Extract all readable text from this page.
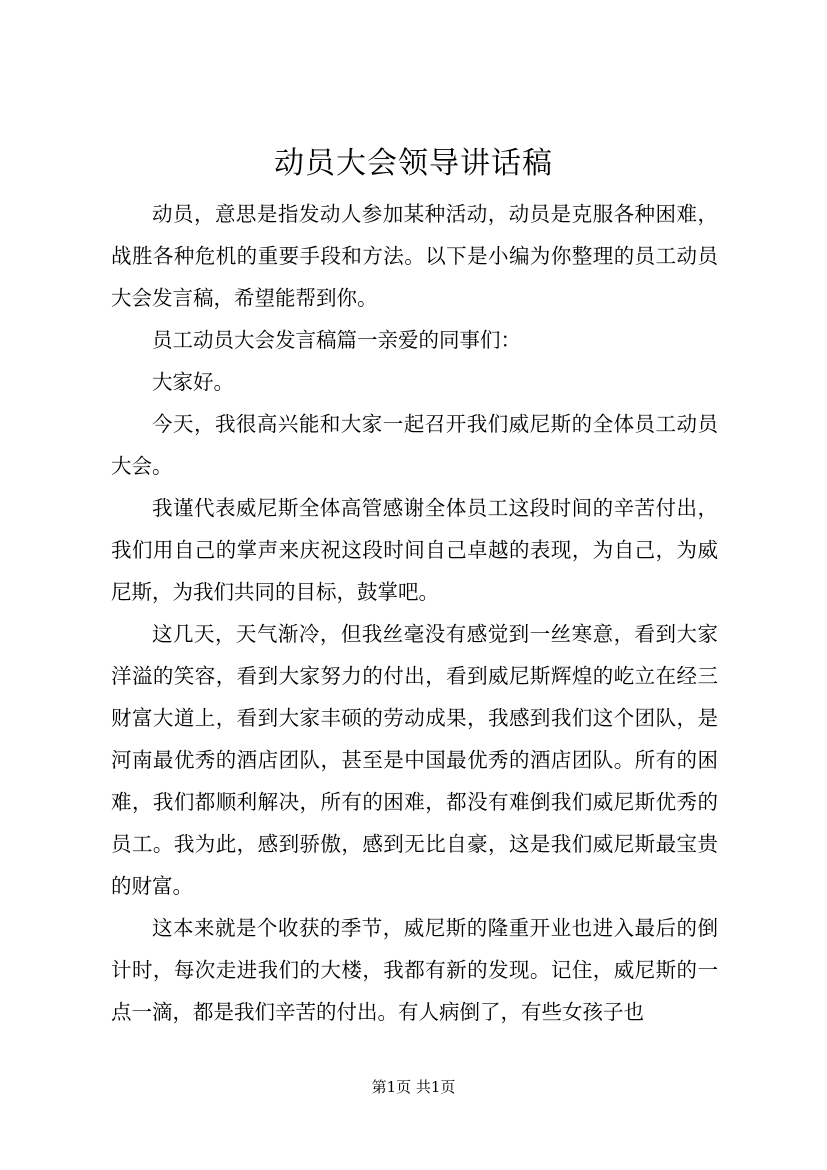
动员大会领导讲话稿

动员，意思是指发动人参加某种活动，动员是克服各种困难，战胜各种危机的重要手段和方法。以下是小编为你整理的员工动员大会发言稿，希望能帮到你。

员工动员大会发言稿篇一亲爱的同事们：

大家好。

今天，我很高兴能和大家一起召开我们威尼斯的全体员工动员大会。

我谨代表威尼斯全体高管感谢全体员工这段时间的辛苦付出，我们用自己的掌声来庆祝这段时间自己卓越的表现，为自己，为威尼斯，为我们共同的目标，鼓掌吧。

这几天，天气渐冷，但我丝毫没有感觉到一丝寒意，看到大家洋溢的笑容，看到大家努力的付出，看到威尼斯辉煌的屹立在经三财富大道上，看到大家丰硕的劳动成果，我感到我们这个团队，是河南最优秀的酒店团队，甚至是中国最优秀的酒店团队。所有的困难，我们都顺利解决，所有的困难，都没有难倒我们威尼斯优秀的员工。我为此，感到骄傲，感到无比自豪，这是我们威尼斯最宝贵的财富。

这本来就是个收获的季节，威尼斯的隆重开业也进入最后的倒计时，每次走进我们的大楼，我都有新的发现。记住，威尼斯的一点一滴，都是我们辛苦的付出。有人病倒了，有些女孩子也

第1页 共1页
